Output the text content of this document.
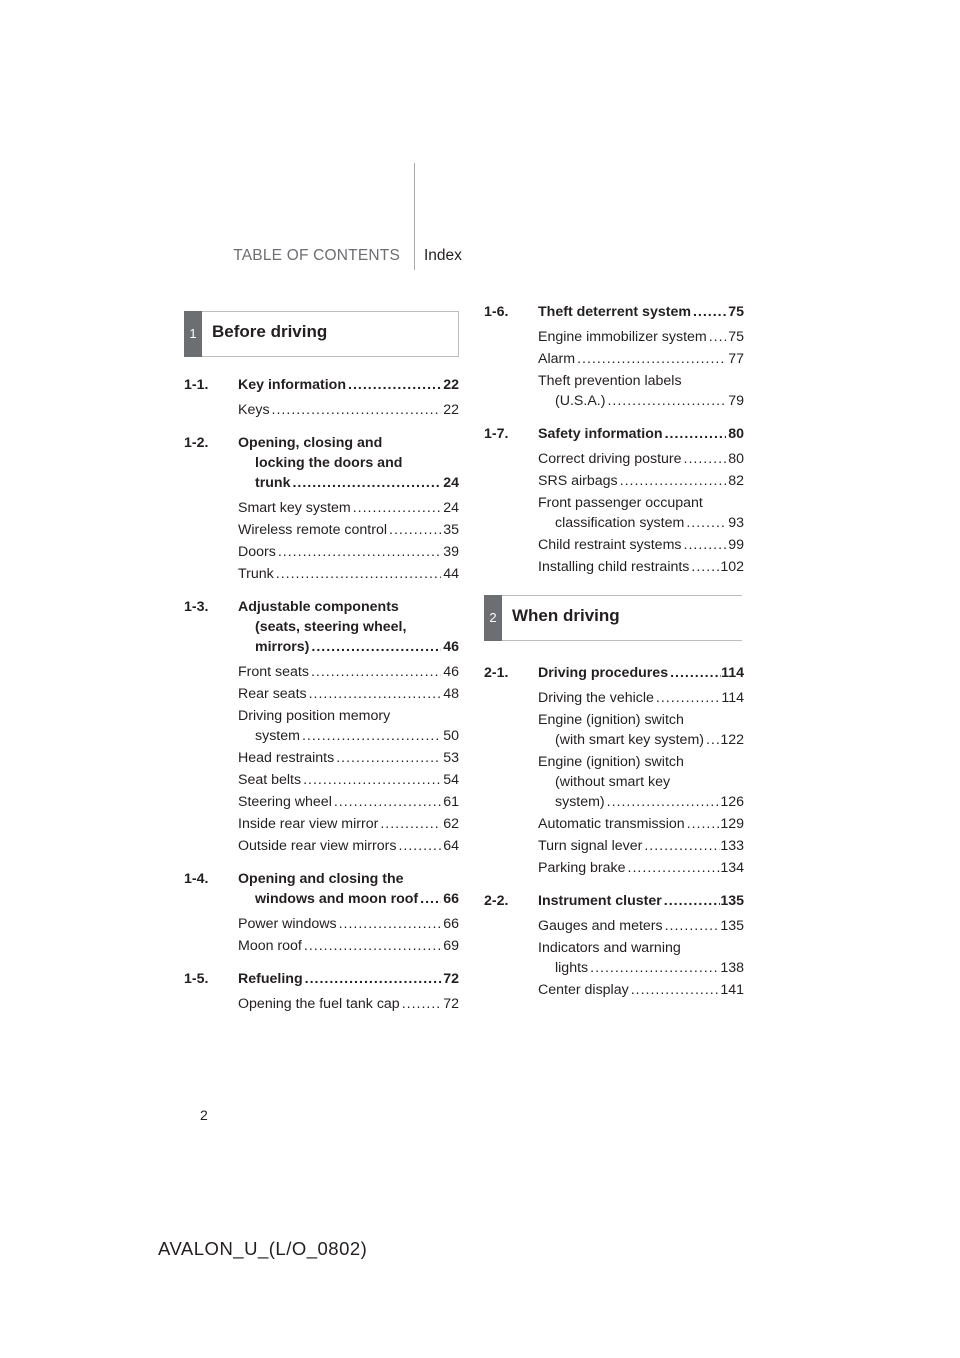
TABLE OF CONTENTS Index
1 Before driving
1-1. Key information .....	22
Keys .....	22
1-2. Opening, closing and
locking the doors and
trunk .....	24
Smart key system .....	24
Wireless remote control .....	35
Doors .....	39
Trunk .....	44
1-3. Adjustable components
(seats, steering wheel,
mirrors) .....	46
Front seats .....	46
Rear seats .....	48
Driving position memory
system .....	50
Head restraints .....	53
Seat belts .....	54
Steering wheel .....	61
Inside rear view mirror .....	62
Outside rear view mirrors .....	64
1-4. Opening and closing the
windows and moon roof ..... 66
Power windows .....	66
Moon roof .....	69
1-5. Refueling .....	72
Opening the fuel tank cap .....	72
1-6. Theft deterrent system .....	75
Engine immobilizer system ..... 75
Alarm .....	77
Theft prevention labels
(U.S.A.) .....	79
1-7. Safety information .....	80
Correct driving posture .....	80
SRS airbags .....	82
Front passenger occupant
classification system .....	93
Child restraint systems .....	99
Installing child restraints ..... 102
2 When driving
2-1. Driving procedures .....	114
Driving the vehicle .....	114
Engine (ignition) switch
(with smart key system) ..... 122
Engine (ignition) switch
(without smart key
system) .....	126
Automatic transmission .....	129
Turn signal lever .....	133
Parking brake .....	134
2-2. Instrument cluster .....	135
Gauges and meters .....	135
Indicators and warning
lights .....	138
Center display .....	141
2
AVALON_U_(L/O_0802)
